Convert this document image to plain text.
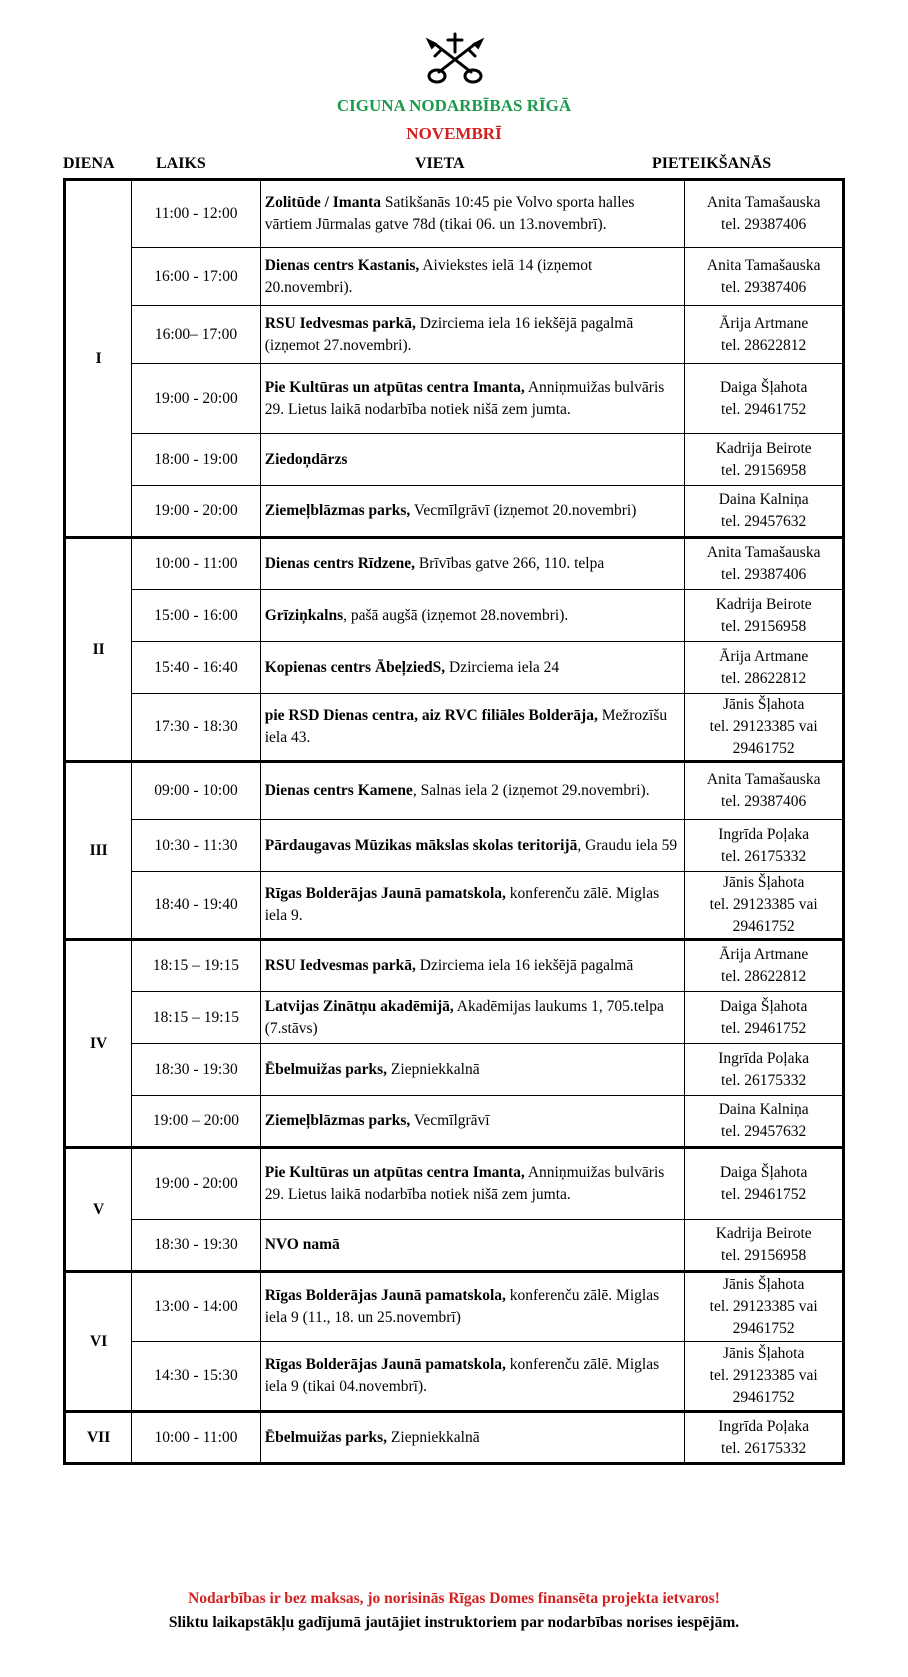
CIGUNA NODARBĪBAS RĪGĀ
NOVEMBRĪ
DIENA	LAIKS	VIETA	PIETEIKŠANĀS
I	11:00 - 12:00	Zolitūde / Imanta Satikšanās 10:45 pie Volvo sporta halles vārtiem Jūrmalas gatve 78d (tikai 06. un 13.novembrī).	Anita Tamašauska
tel. 29387406

	16:00 - 17:00	Dienas centrs Kastanis, Aiviekstes ielā 14 (izņemot 20.novembri).	Anita Tamašauska
tel. 29387406

	16:00– 17:00	RSU Iedvesmas parkā, Dzirciema iela 16 iekšējā pagalmā (izņemot 27.novembri).	Ārija Artmane
tel. 28622812

	19:00 - 20:00	Pie Kultūras un atpūtas centra Imanta, Anniņmuižas bulvāris 29. Lietus laikā nodarbība notiek nišā zem jumta.	Daiga Šļahota
tel. 29461752

	18:00 - 19:00	Ziedoņdārzs	Kadrija Beirote
tel. 29156958

	19:00 - 20:00	Ziemeļblāzmas parks, Vecmīlgrāvī (izņemot 20.novembri)	Daina Kalniņa
tel. 29457632

II	10:00 - 11:00	Dienas centrs Rīdzene, Brīvības gatve 266, 110. telpa	Anita Tamašauska
tel. 29387406

	15:00 - 16:00	Grīziņkalns, pašā augšā (izņemot 28.novembri).	Kadrija Beirote
tel. 29156958

	15:40 - 16:40	Kopienas centrs ĀbeļziedS, Dzirciema iela 24	Ārija Artmane
tel. 28622812

	17:30 - 18:30	pie RSD Dienas centra, aiz RVC filiāles Bolderāja, Mežrozīšu iela 43.	Jānis Šļahota
tel. 29123385 vai 29461752

III	09:00 - 10:00	Dienas centrs Kamene, Salnas iela 2 (izņemot 29.novembri).	Anita Tamašauska
tel. 29387406

	10:30 - 11:30	Pārdaugavas Mūzikas mākslas skolas teritorijā, Graudu iela 59	Ingrīda Poļaka
tel. 26175332

	18:40 - 19:40	Rīgas Bolderājas Jaunā pamatskola, konferenču zālē. Miglas iela 9.	Jānis Šļahota
tel. 29123385 vai 29461752

IV	18:15 – 19:15	RSU Iedvesmas parkā, Dzirciema iela 16 iekšējā pagalmā	Ārija Artmane
tel. 28622812

	18:15 – 19:15	Latvijas Zinātņu akadēmijā, Akadēmijas laukums 1, 705.telpa (7.stāvs)	Daiga Šļahota
tel. 29461752

	18:30 - 19:30	Ēbelmuižas parks, Ziepniekkalnā	Ingrīda Poļaka
tel. 26175332

	19:00 – 20:00	Ziemeļblāzmas parks, Vecmīlgrāvī	Daina Kalniņa
tel. 29457632

V	19:00 - 20:00	Pie Kultūras un atpūtas centra Imanta, Anniņmuižas bulvāris 29. Lietus laikā nodarbība notiek nišā zem jumta.	Daiga Šļahota
tel. 29461752

	18:30 - 19:30	NVO namā	Kadrija Beirote
tel. 29156958

VI	13:00 - 14:00	Rīgas Bolderājas Jaunā pamatskola, konferenču zālē. Miglas iela 9 (11., 18. un 25.novembrī)	Jānis Šļahota
tel. 29123385 vai 29461752

	14:30 - 15:30	Rīgas Bolderājas Jaunā pamatskola, konferenču zālē. Miglas iela 9 (tikai 04.novembrī).	Jānis Šļahota
tel. 29123385 vai 29461752

VII	10:00 - 11:00	Ēbelmuižas parks, Ziepniekkalnā	Ingrīda Poļaka
tel. 26175332
Nodarbības ir bez maksas, jo norisinās Rīgas Domes finansēta projekta ietvaros!
Sliktu laikapstākļu gadījumā jautājiet instruktoriem par nodarbības norises iespējām.
